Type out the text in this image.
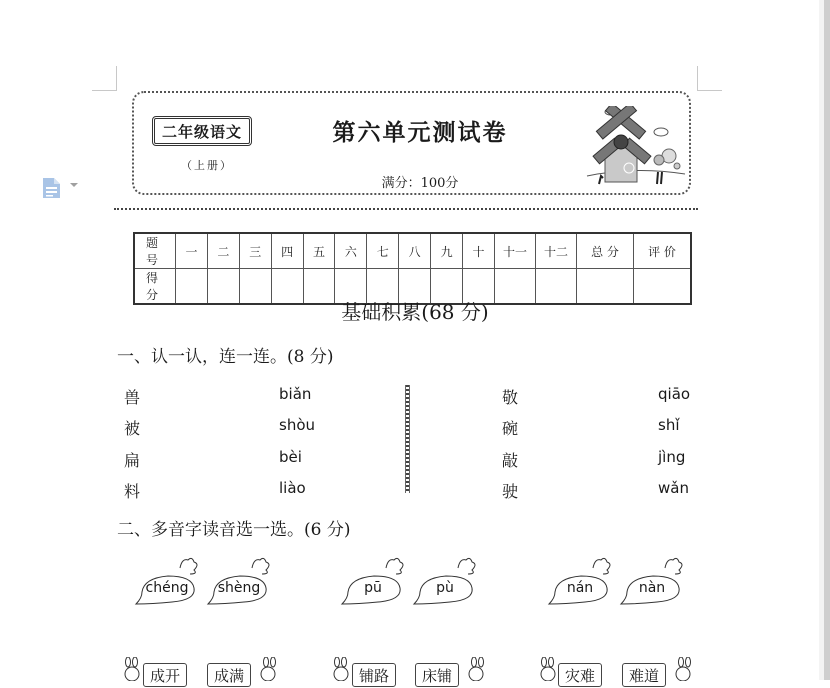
二年级语文
（上册）
第六单元测试卷
满分：100分
题 号	一	二	三	四	五	六	七	八	九	十	十一	十二	总 分	评 价
得 分														
基础积累(68 分)
一、认一认，连一连。(8 分)
兽
被
扁
料
biǎn
shòu
bèi
liào
敬
碗
敲
驶
qiāo
shǐ
jìng
wǎn
二、多音字读音选一选。(6 分)
chéng	shèng	pū	pù	nán	nàn
成开	成满	铺路	床铺	灾难	难道
